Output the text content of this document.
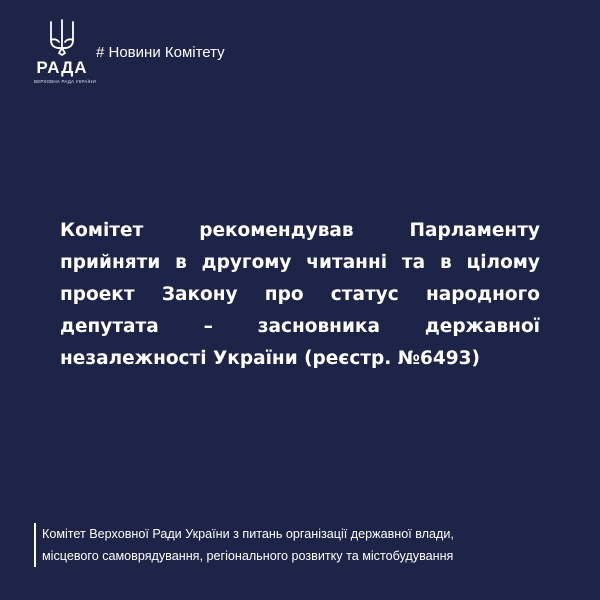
РАДА
ВЕРХОВНА РАДА УКРАЇНИ
# Новини Комітету

Комітет рекомендував Парламенту прийняти в другому читанні та в цілому проект Закону про статус народного депутата – засновника державної незалежності України (реєстр. №6493)

Комітет Верховної Ради України з питань організації державної влади,
місцевого самоврядування, регіонального розвитку та містобудування
